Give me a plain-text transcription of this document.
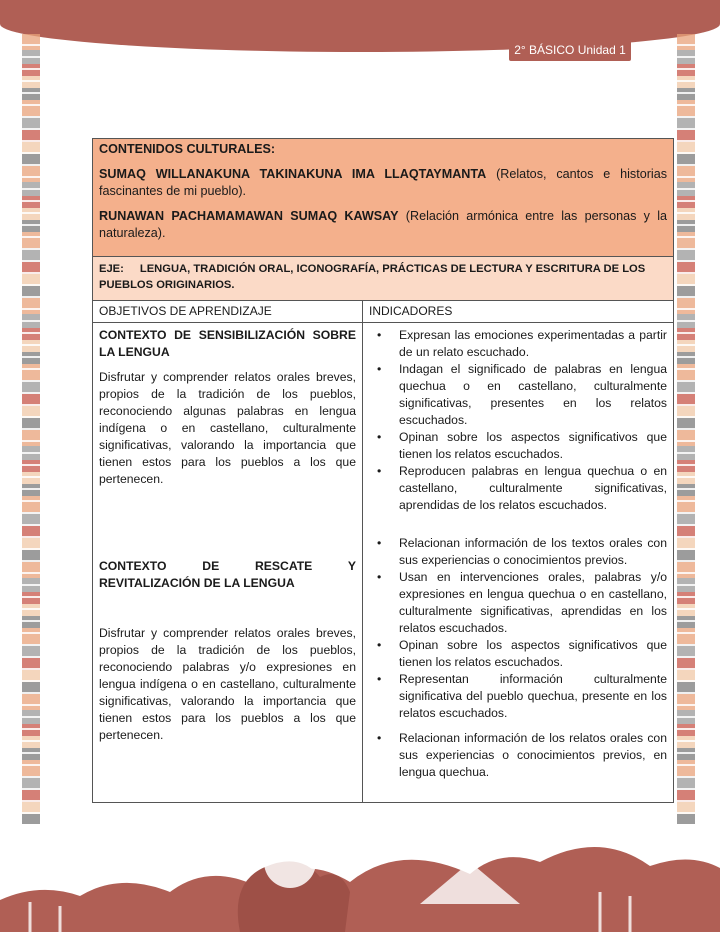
2° BÁSICO Unidad 1

CONTENIDOS CULTURALES:

SUMAQ WILLANAKUNA TAKINAKUNA IMA LLAQTAYMANTA (Relatos, cantos e historias fascinantes de mi pueblo).

RUNAWAN PACHAMAMAWAN SUMAQ KAWSAY (Relación armónica entre las personas y la naturaleza).

EJE: LENGUA, TRADICIÓN ORAL, ICONOGRAFÍA, PRÁCTICAS DE LECTURA Y ESCRITURA DE LOS PUEBLOS ORIGINARIOS.
OBJETIVOS DE APRENDIZAJE

CONTEXTO DE SENSIBILIZACIÓN SOBRE LA LENGUA

Disfrutar y comprender relatos orales breves, propios de la tradición de los pueblos, reconociendo algunas palabras en lengua indígena o en castellano, culturalmente significativas, valorando la importancia que tienen estos para los pueblos a los que pertenecen.

CONTEXTO DE RESCATE Y REVITALIZACIÓN DE LA LENGUA

Disfrutar y comprender relatos orales breves, propios de la tradición de los pueblos, reconociendo palabras y/o expresiones en lengua indígena o en castellano, culturalmente significativas, valorando la importancia que tienen estos para los pueblos a los que pertenecen.

INDICADORES
• Expresan las emociones experimentadas a partir de un relato escuchado.
• Indagan el significado de palabras en lengua quechua o en castellano, culturalmente significativas, presentes en los relatos escuchados.
• Opinan sobre los aspectos significativos que tienen los relatos escuchados.
• Reproducen palabras en lengua quechua o en castellano, culturalmente significativas, aprendidas de los relatos escuchados.
• Relacionan información de los textos orales con sus experiencias o conocimientos previos.
• Usan en intervenciones orales, palabras y/o expresiones en lengua quechua o en castellano, culturalmente significativas, aprendidas en los relatos escuchados.
• Opinan sobre los aspectos significativos que tienen los relatos escuchados.
• Representan información culturalmente significativa del pueblo quechua, presente en los relatos escuchados.
• Relacionan información de los relatos orales con sus experiencias o conocimientos previos, en lengua quechua.
